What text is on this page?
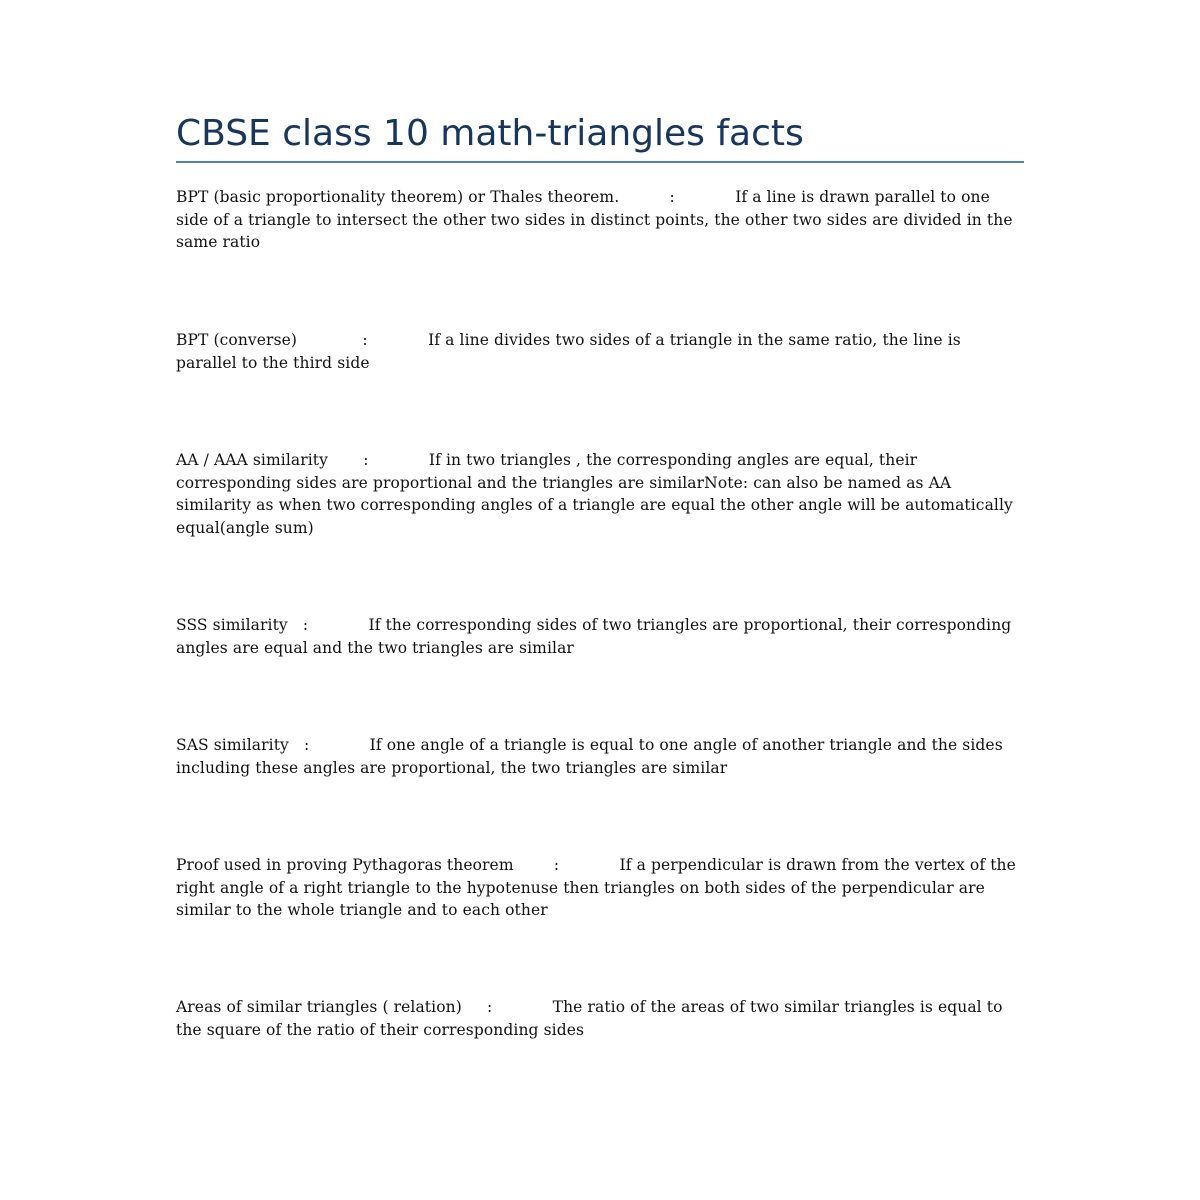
CBSE class 10 math-triangles facts

BPT (basic proportionality theorem) or Thales theorem.	:	If a line is drawn parallel to one side of a triangle to intersect the other two sides in distinct points, the other two sides are divided in the same ratio

BPT (converse)	:	If a line divides two sides of a triangle in the same ratio, the line is parallel to the third side

AA / AAA similarity :	If in two triangles , the corresponding angles are equal, their corresponding sides are proportional and the triangles are similarNote: can also be named as AA similarity as when two corresponding angles of a triangle are equal the other angle will be automatically equal(angle sum)

SSS similarity :	If the corresponding sides of two triangles are proportional, their corresponding angles are equal and the two triangles are similar

SAS similarity :	If one angle of a triangle is equal to one angle of another triangle and the sides including these angles are proportional, the two triangles are similar

Proof used in proving Pythagoras theorem	:	If a perpendicular is drawn from the vertex of the right angle of a right triangle to the hypotenuse then triangles on both sides of the perpendicular are similar to the whole triangle and to each other

Areas of similar triangles ( relation) :	The ratio of the areas of two similar triangles is equal to the square of the ratio of their corresponding sides
